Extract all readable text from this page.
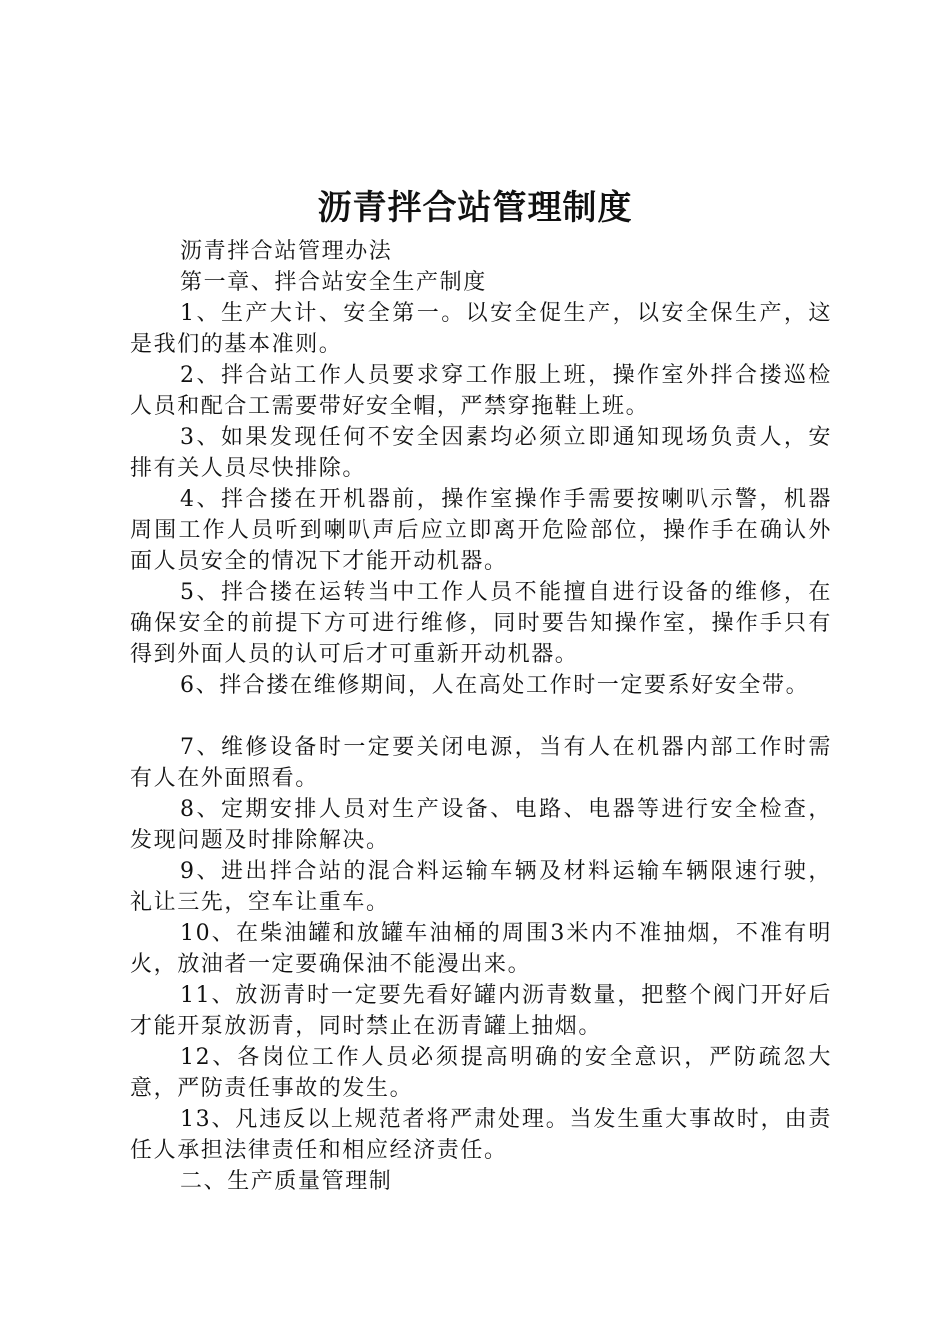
沥青拌合站管理制度

沥青拌合站管理办法

第一章、拌合站安全生产制度

1、生产大计、安全第一。以安全促生产，以安全保生产，这是我们的基本准则。

2、拌合站工作人员要求穿工作服上班，操作室外拌合搂巡检人员和配合工需要带好安全帽，严禁穿拖鞋上班。

3、如果发现任何不安全因素均必须立即通知现场负责人，安排有关人员尽快排除。

4、拌合搂在开机器前，操作室操作手需要按喇叭示警，机器周围工作人员听到喇叭声后应立即离开危险部位，操作手在确认外面人员安全的情况下才能开动机器。

5、拌合搂在运转当中工作人员不能擅自进行设备的维修，在确保安全的前提下方可进行维修，同时要告知操作室，操作手只有得到外面人员的认可后才可重新开动机器。

6、拌合搂在维修期间，人在高处工作时一定要系好安全带。

7、维修设备时一定要关闭电源，当有人在机器内部工作时需有人在外面照看。

8、定期安排人员对生产设备、电路、电器等进行安全检查，发现问题及时排除解决。

9、进出拌合站的混合料运输车辆及材料运输车辆限速行驶，礼让三先，空车让重车。

10、在柴油罐和放罐车油桶的周围3米内不准抽烟，不准有明火，放油者一定要确保油不能漫出来。

11、放沥青时一定要先看好罐内沥青数量，把整个阀门开好后才能开泵放沥青，同时禁止在沥青罐上抽烟。

12、各岗位工作人员必须提高明确的安全意识，严防疏忽大意，严防责任事故的发生。

13、凡违反以上规范者将严肃处理。当发生重大事故时，由责任人承担法律责任和相应经济责任。

二、生产质量管理制
